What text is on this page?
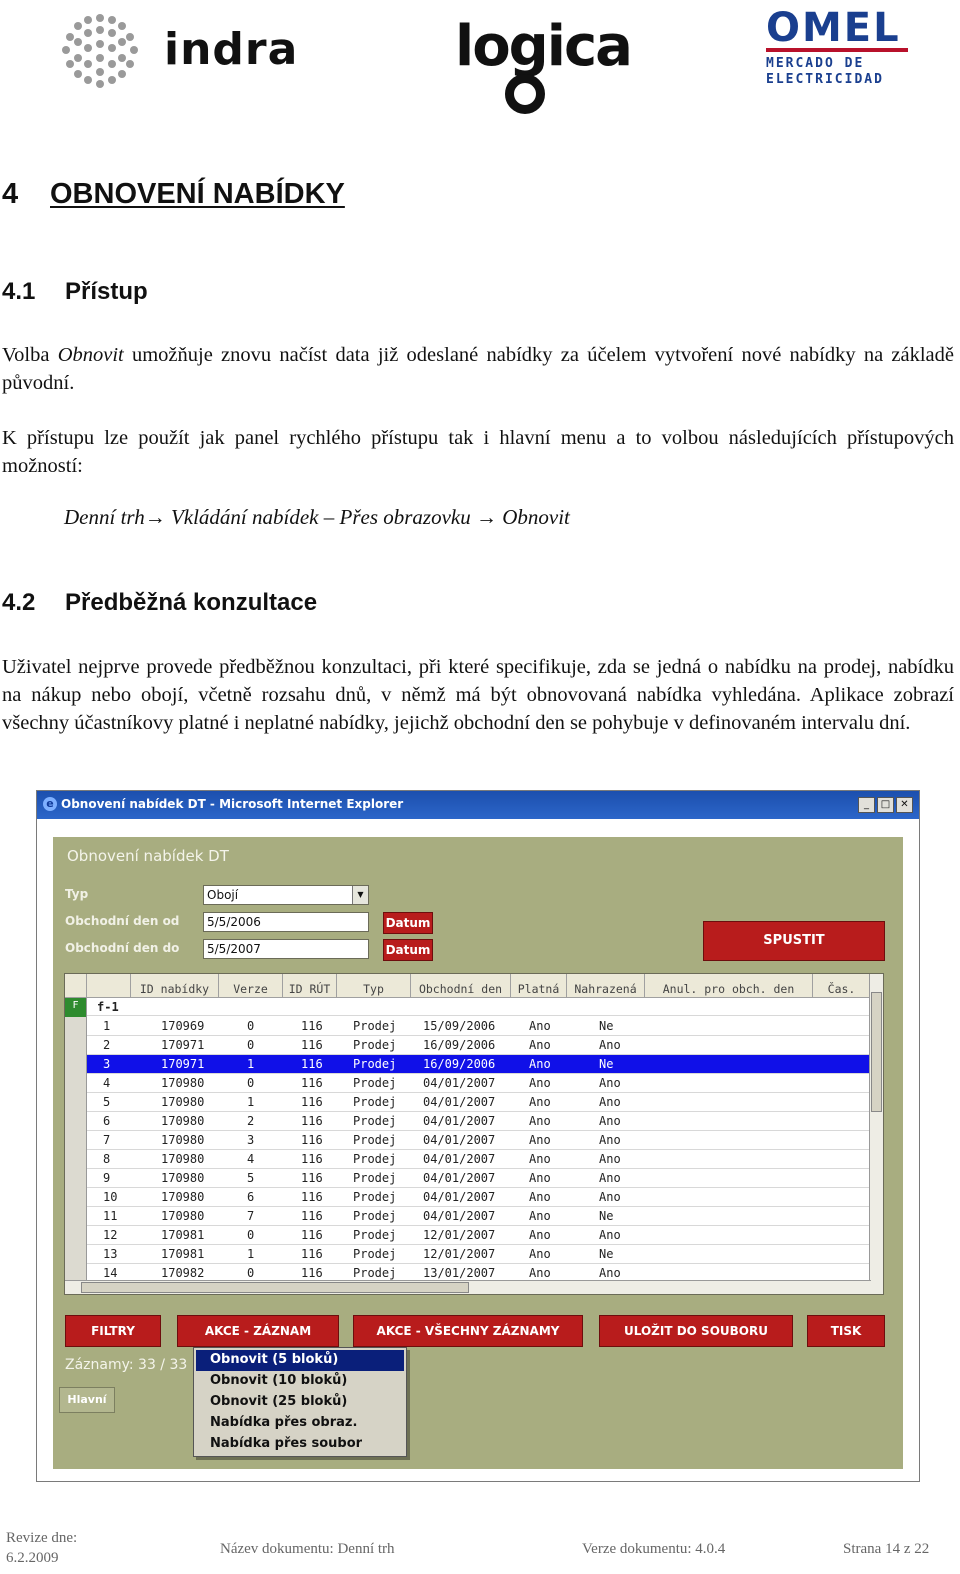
indra	logica	OMEL
MERCADO DE
ELECTRICIDAD
4 OBNOVENÍ NABÍDKY
4.1 Přístup

Volba Obnovit umožňuje znovu načíst data již odeslané nabídky za účelem vytvoření nové nabídky na základě původní.

K přístupu lze použít jak panel rychlého přístupu tak i hlavní menu a to volbou následujících přístupových možností:

Denní trh→ Vkládání nabídek – Přes obrazovku → Obnovit
4.2 Předběžná konzultace

Uživatel nejprve provede předběžnou konzultaci, při které specifikuje, zda se jedná o nabídku na prodej, nabídku na nákup nebo obojí, včetně rozsahu dnů, v němž má být obnovovaná nabídka vyhledána. Aplikace zobrazí všechny účastníkovy platné i neplatné nabídky, jejichž obchodní den se pohybuje v definovaném intervalu dní.

e Obnovení nabídek DT - Microsoft Internet Explorer	_	□	✕
Obnovení nabídek DT
Typ	Obojí	▼
Obchodní den od	5/5/2006	Datum
Obchodní den do	5/5/2007	Datum
SPUSTIT
ID nabídky	Verze	ID RÚT	Typ	Obchodní den	Platná	Nahrazená	Anul. pro obch. den	Čas.
F	f-1
1	170969	0	116	Prodej 15/09/2006	Ano	Ne
2	170971	0	116	Prodej 16/09/2006	Ano	Ano
3	170971	1	116	Prodej 16/09/2006	Ano	Ne
4	170980	0	116	Prodej 04/01/2007	Ano	Ano
5	170980	1	116	Prodej 04/01/2007	Ano	Ano
6	170980	2	116	Prodej 04/01/2007	Ano	Ano
7	170980	3	116	Prodej 04/01/2007	Ano	Ano
8	170980	4	116	Prodej 04/01/2007	Ano	Ano
9	170980	5	116	Prodej 04/01/2007	Ano	Ano
10	170980	6	116	Prodej 04/01/2007	Ano	Ano
11	170980	7	116	Prodej 04/01/2007	Ano	Ne
12	170981	0	116	Prodej 12/01/2007	Ano	Ano
13	170981	1	116	Prodej 12/01/2007	Ano	Ne
14	170982	0	116	Prodej 13/01/2007	Ano	Ano
FILTRY	AKCE - ZÁZNAM	AKCE - VŠECHNY ZÁZNAMY	ULOŽIT DO SOUBORU	TISK
Záznamy: 33 / 33
Hlavní
Obnovit (5 bloků)
Obnovit (10 bloků)
Obnovit (25 bloků)
Nabídka přes obraz.
Nabídka přes soubor
Revize dne:
6.2.2009
Název dokumentu: Denní trh	Verze dokumentu: 4.0.4	Strana 14 z 22
